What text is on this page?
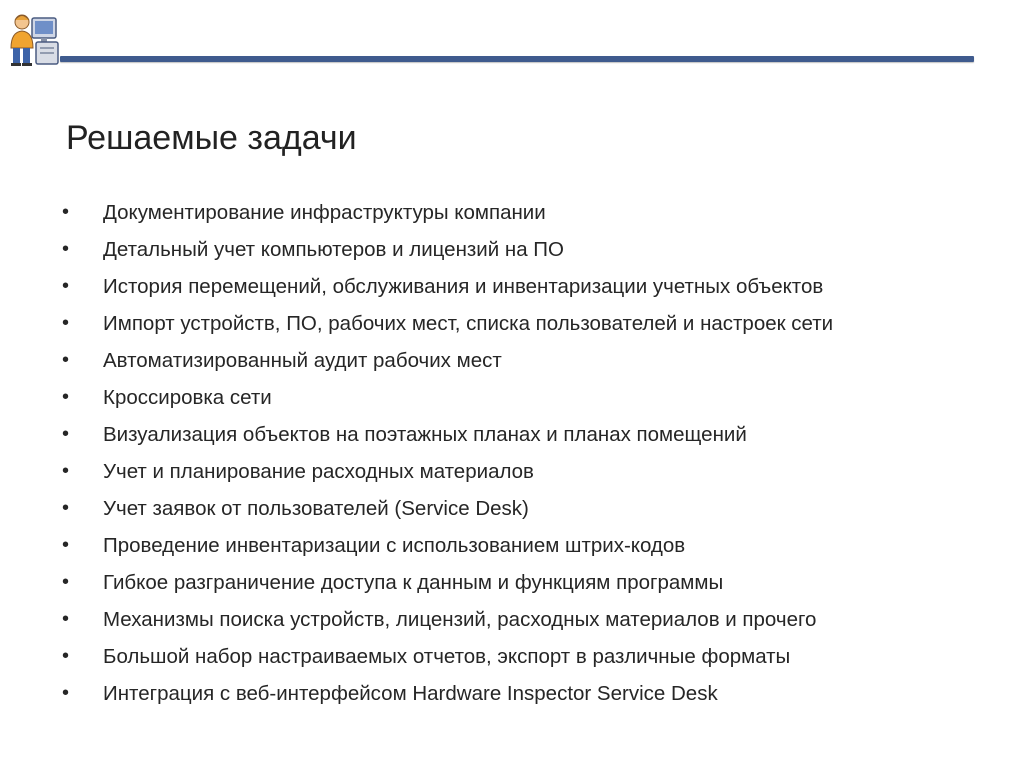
Решаемые задачи
• Документирование инфраструктуры компании
• Детальный учет компьютеров и лицензий на ПО
• История перемещений, обслуживания и инвентаризации учетных объектов
• Импорт устройств, ПО, рабочих мест, списка пользователей и настроек сети
• Автоматизированный аудит рабочих мест
• Кроссировка сети
• Визуализация объектов на поэтажных планах и планах помещений
• Учет и планирование расходных материалов
• Учет заявок от пользователей (Service Desk)
• Проведение инвентаризации с использованием штрих-кодов
• Гибкое разграничение доступа к данным и функциям программы
• Механизмы поиска устройств, лицензий, расходных материалов и прочего
• Большой набор настраиваемых отчетов, экспорт в различные форматы
• Интеграция с веб-интерфейсом Hardware Inspector Service Desk
